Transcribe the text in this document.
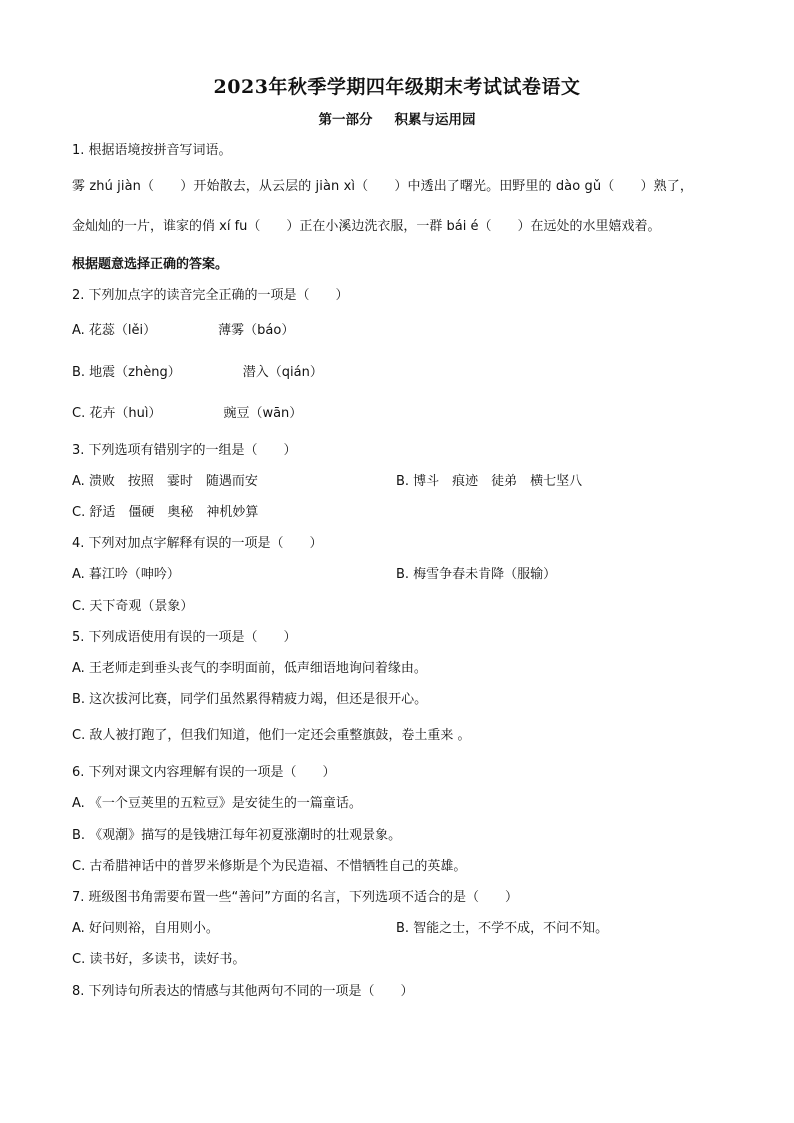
2023年秋季学期四年级期末考试试卷语文
第一部分 积累与运用园
1. 根据语境按拼音写词语。
雾 zhú jiàn（　　）开始散去，从云层的 jiàn xì（　　）中透出了曙光。田野里的 dào gǔ（　　）熟了，
金灿灿的一片，谁家的俏 xí fu（　　）正在小溪边洗衣服，一群 bái é（　　）在远处的水里嬉戏着。
根据题意选择正确的答案。
2. 下列加点字的读音完全正确的一项是（　　）
A. 花蕊（lěi）	薄雾（báo）
B. 地震（zhèng）	潜入（qián）
C. 花卉（huì）	豌豆（wān）
3. 下列选项有错别字的一组是（　　）
A. 溃败　按照　霎时　随遇而安	B. 博斗　痕迹　徒弟　横七坚八
C. 舒适　僵硬　奥秘　神机妙算
4. 下列对加点字解释有误的一项是（　　）
A. 暮江吟（呻吟）	B. 梅雪争春未肯降（服输）
C. 天下奇观（景象）
5. 下列成语使用有误的一项是（　　）
A. 王老师走到垂头丧气的李明面前，低声细语地询问着缘由。
B. 这次拔河比赛，同学们虽然累得精疲力竭，但还是很开心。
C. 敌人被打跑了，但我们知道，他们一定还会重整旗鼓，卷土重来 。
6. 下列对课文内容理解有误的一项是（　　）
A. 《一个豆荚里的五粒豆》是安徒生的一篇童话。
B. 《观潮》描写的是钱塘江每年初夏涨潮时的壮观景象。
C. 古希腊神话中的普罗米修斯是个为民造福、不惜牺牲自己的英雄。
7. 班级图书角需要布置一些“善问”方面的名言，下列选项不适合的是（　　）
A. 好问则裕，自用则小。	B. 智能之士，不学不成，不问不知。
C. 读书好，多读书，读好书。
8. 下列诗句所表达的情感与其他两句不同的一项是（　　）
